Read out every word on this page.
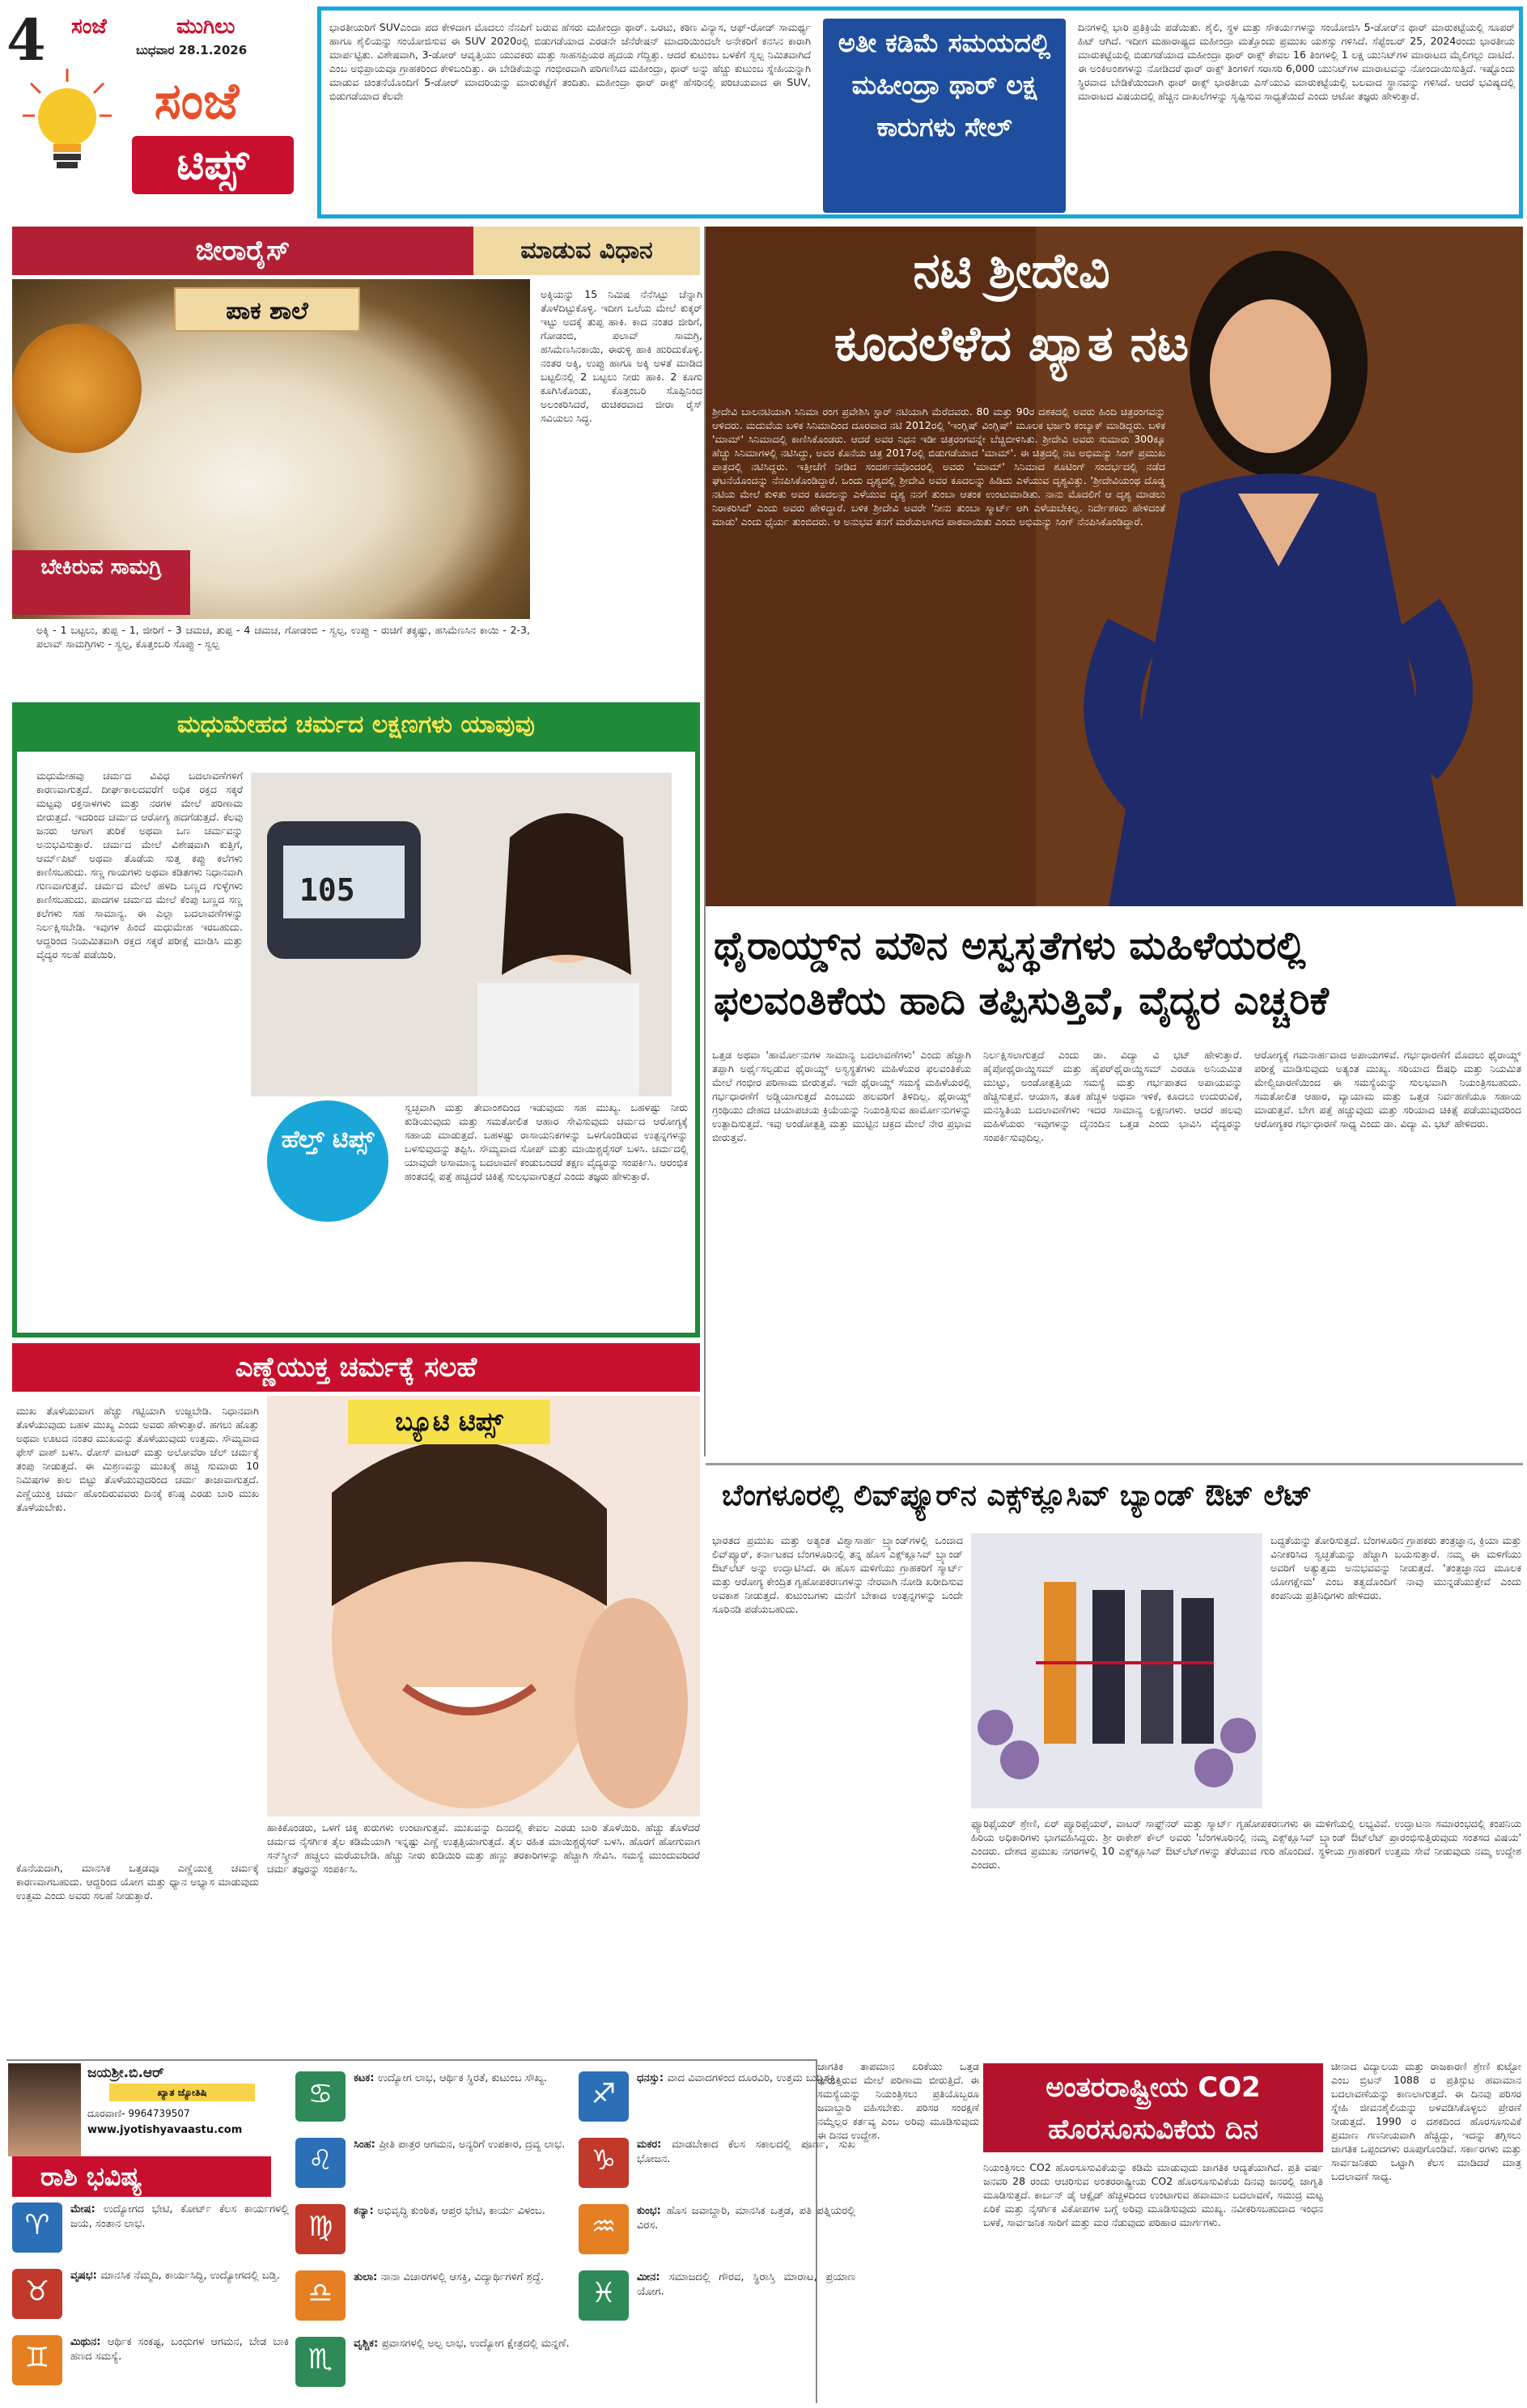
4 ಸಂಜೆ	ಮುಗಿಲು
ಬುಧವಾರ 28.1.2026
ಸಂಜೆ
ಟಿಪ್ಸ್
ಭಾರತೀಯರಿಗೆ SUVಎಂದಾ ಪದ ಕೇಳಿದಾಗ ಮೊದಲು ನೆನಪಿಗೆ ಬರುವ ಹೆಸರು ಮಹೀಂದ್ರಾ ಥಾರ್. ಒರಟು, ಕಠಿಣ ವಿನ್ಯಾಸ, ಆಫ್-ರೋಡ್ ಸಾಮರ್ಥ್ಯ ಹಾಗೂ ಶೈಲಿಯನ್ನು ಸಂಯೋಜಿಸುವ ಈ SUV 2020ರಲ್ಲಿ ಬಿಡುಗಡೆಯಾದ ಎರಡನೇ ಜೆನೆರೇಷನ್ ಮಾದರಿಯಿಂದಲೇ ಅನೇಕರಿಗೆ ಕನಸಿನ ಕಾರಾಗಿ ಮಾರ್ಪಟ್ಟಿತು. ವಿಶೇಷವಾಗಿ, 3-ಡೋರ್ ಆವೃತ್ತಿಯು ಯುವಕರು ಮತ್ತು ಸಾಹಸಪ್ರಿಯರ ಹೃದಯ ಗೆದ್ದಿತ್ತು. ಆದರೆ ಕುಟುಂಬ ಬಳಕೆಗೆ ಸ್ವಲ್ಪ ನಿಮಿತವಾಗಿದೆ ಎಂಬ ಅಭಿಪ್ರಾಯವೂ ಗ್ರಾಹಕರಿಂದ ಕೇಳಿಬಂದಿತ್ತು. ಈ ಬೇಡಿಕೆಯನ್ನು ಗಂಭೀರವಾಗಿ ಪರಿಗಣಿಸಿದ ಮಹೀಂದ್ರಾ, ಥಾರ್ ಅನ್ನು ಹೆಚ್ಚು ಕುಟುಂಬ ಸ್ನೇಹಿಯನ್ನಾಗಿ ಮಾಡುವ ಚಿಂತನೆಯೊಂದಿಗೆ 5-ಡೋರ್ ಮಾದರಿಯನ್ನು ಮಾರುಕಟ್ಟೆಗೆ ತಂದಿತು. ಮಹೀಂದ್ರಾ ಥಾರ್ ರಾಕ್ಸ್ ಹೆಸರಿನಲ್ಲಿ ಪರಿಚಯವಾದ ಈ SUV, ಬಿಡುಗಡೆಯಾದ ಕೆಲವೇ
ಅತೀ ಕಡಿಮೆ ಸಮಯದಲ್ಲಿ ಮಹೀಂದ್ರಾ ಥಾರ್ ಲಕ್ಷ ಕಾರುಗಳು ಸೇಲ್
ದಿನಗಳಲ್ಲಿ ಭಾರಿ ಪ್ರತಿಕ್ರಿಯೆ ಪಡೆಯಿತು. ಶೈಲಿ, ಸ್ಥಳ ಮತ್ತು ಸೌಕರ್ಯಗಳನ್ನು ಸಂಯೋಜಿಸಿ 5-ಡೋರ್‌ನ ಥಾರ್ ಮಾರುಕಟ್ಟೆಯಲ್ಲಿ ಸೂಪರ್ ಹಿಟ್ ಆಗಿದೆ. ಇದೀಗ ಮಹಾರಾಷ್ಟ್ರದ ಮಹೀಂದ್ರಾ ಮತ್ತೊಂದು ಪ್ರಮುಖ ಯಶಸ್ಸು ಗಳಿಸಿದೆ. ಸೆಪ್ಟೆಂಬರ್ 25, 2024ರಂದು ಭಾರತೀಯ ಮಾರುಕಟ್ಟೆಯಲ್ಲಿ ಬಿಡುಗಡೆಯಾದ ಮಹೀಂದ್ರಾ ಥಾರ್ ರಾಕ್ಸ್ ಕೇವಲ 16 ತಿಂಗಳಲ್ಲಿ 1 ಲಕ್ಷ ಯುನಿಟ್‌ಗಳ ಮಾರಾಟದ ಮೈಲಿಗಲ್ಲು ದಾಟಿದೆ. ಈ ಅಂಕಿಅಂಶಗಳನ್ನು ನೋಡಿದರೆ ಥಾರ್ ರಾಕ್ಸ್ ತಿಂಗಳಿಗೆ ಸರಾಸರಿ 6,000 ಯುನಿಟ್‌ಗಳ ಮಾರಾಟವನ್ನು ನೋಂದಾಯಿಸುತ್ತಿದೆ. ಇಷ್ಟೊಂದು ಸ್ಥಿರವಾದ ಬೇಡಿಕೆಯಿಂದಾಗಿ ಥಾರ್ ರಾಕ್ಸ್ ಭಾರತೀಯ ಎಸ್‌ಯುವಿ ಮಾರುಕಟ್ಟೆಯಲ್ಲಿ ಬಲವಾದ ಸ್ಥಾನವನ್ನು ಗಳಿಸಿದೆ. ಆದರೆ ಭವಿಷ್ಯದಲ್ಲಿ ಮಾರಾಟದ ವಿಷಯದಲ್ಲಿ ಹೆಚ್ಚಿನ ದಾಖಲೆಗಳನ್ನು ಸೃಷ್ಟಿಸುವ ಸಾಧ್ಯತೆಯಿದೆ ಎಂದು ಆಟೋ ತಜ್ಞರು ಹೇಳುತ್ತಾರೆ.
ಜೀರಾರೈಸ್	ಮಾಡುವ ವಿಧಾನ
ಪಾಕ ಶಾಲೆ
ಬೇಕಿರುವ ಸಾಮಗ್ರಿ
ಅಕ್ಕಿಯನ್ನು 15 ನಿಮಿಷ ನೆನೆಸಿಟ್ಟು ಚೆನ್ನಾಗಿ ತೊಳೆದಿಟ್ಟುಕೊಳ್ಳಿ. ಇದೀಗ ಒಲೆಯ ಮೇಲೆ ಕುಕ್ಕರ್ ಇಟ್ಟು ಅದಕ್ಕೆ ತುಪ್ಪ ಹಾಕಿ. ಕಾದ ನಂತರ ಜೀರಿಗೆ, ಗೋಡಂಬಿ, ಪಲಾವ್ ಸಾಮಗ್ರಿ, ಹಸಿಮೆಣಸಿನಕಾಯಿ, ಈರುಳ್ಳಿ ಹಾಕಿ ಹುರಿದುಕೊಳ್ಳಿ. ನಂತರ ಅಕ್ಕಿ, ಉಪ್ಪು ಹಾಗೂ ಅಕ್ಕಿ ಅಳತೆ ಮಾಡಿದ ಬಟ್ಟಲಿನಲ್ಲಿ 2 ಬಟ್ಟಲು ನೀರು ಹಾಕಿ. 2 ಕೂಗು ಕೂಗಿಸಿಕೊಂಡು, ಕೊತ್ತಂಬರಿ ಸೊಪ್ಪಿನಿಂದ ಅಲಂಕರಿಸಿದರೆ, ರುಚಿಕರವಾದ ಜೀರಾ ರೈಸ್ ಸವಿಯಲು ಸಿದ್ಧ.
ಅಕ್ಕಿ - 1 ಬಟ್ಟಲು, ತುಪ್ಪ - 1, ಜೀರಿಗೆ - 3 ಚಮಚ, ತುಪ್ಪ - 4 ಚಮಚ, ಗೋಡಂಬಿ - ಸ್ವಲ್ಪ, ಉಪ್ಪು - ರುಚಿಗೆ ತಕ್ಕಷ್ಟು, ಹಸಿಮೆಣಸಿನ ಕಾಯಿ - 2-3, ಪಲಾವ್ ಸಾಮಗ್ರಿಗಳು - ಸ್ವಲ್ಪ, ಕೊತ್ತಂಬರಿ ಸೊಪ್ಪು - ಸ್ವಲ್ಪ
ನಟಿ ಶ್ರೀದೇವಿ
ಕೂದಲೆಳೆದ ಖ್ಯಾತ ನಟ
ಶ್ರೀದೇವಿ ಬಾಲನಟಿಯಾಗಿ ಸಿನಿಮಾ ರಂಗ ಪ್ರವೇಶಿಸಿ ಸ್ಟಾರ್ ನಟಿಯಾಗಿ ಮೆರೆದವರು. 80 ಮತ್ತು 90ರ ದಶಕದಲ್ಲಿ ಅವರು ಹಿಂದಿ ಚಿತ್ರರಂಗವನ್ನು ಆಳಿದರು. ಮದುವೆಯ ಬಳಿಕ ಸಿನಿಮಾದಿಂದ ದೂರವಾದ ನಟಿ 2012ರಲ್ಲಿ 'ಇಂಗ್ಲಿಷ್ ವಿಂಗ್ಲಿಷ್' ಮೂಲಕ ಭರ್ಜರಿ ಕಂಬ್ಯಾಕ್ ಮಾಡಿದ್ದರು. ಬಳಿಕ 'ಮಾಮ್' ಸಿನಿಮಾದಲ್ಲಿ ಕಾಣಿಸಿಕೊಂಡರು. ಆದರೆ ಅವರ ನಿಧನ ಇಡೀ ಚಿತ್ರರಂಗವನ್ನೇ ಬೆಚ್ಚಿಬೀಳಿಸಿತು. ಶ್ರೀದೇವಿ ಅವರು ಸುಮಾರು 300ಕ್ಕೂ ಹೆಚ್ಚು ಸಿನಿಮಾಗಳಲ್ಲಿ ನಟಿಸಿದ್ದು, ಅವರ ಕೊನೆಯ ಚಿತ್ರ 2017ರಲ್ಲಿ ಬಿಡುಗಡೆಯಾದ 'ಮಾಮ್'. ಈ ಚಿತ್ರದಲ್ಲಿ ನಟ ಅಭಿಮನ್ಯು ಸಿಂಗ್ ಪ್ರಮುಖ ಪಾತ್ರದಲ್ಲಿ ನಟಿಸಿದ್ದರು. ಇತ್ತೀಚೆಗೆ ನೀಡಿದ ಸಂದರ್ಶನವೊಂದರಲ್ಲಿ ಅವರು 'ಮಾಮ್' ಸಿನಿಮಾದ ಶೂಟಿಂಗ್ ಸಂದರ್ಭದಲ್ಲಿ ನಡೆದ ಘಟನೆಯೊಂದನ್ನು ನೆನಪಿಸಿಕೊಂಡಿದ್ದಾರೆ. ಒಂದು ದೃಶ್ಯದಲ್ಲಿ ಶ್ರೀದೇವಿ ಅವರ ಕೂದಲನ್ನು ಹಿಡಿದು ಎಳೆಯುವ ದೃಶ್ಯವಿತ್ತು. 'ಶ್ರೀದೇವಿಯಂಥ ದೊಡ್ಡ ನಟಿಯ ಮೇಲೆ ಕುಳಿತು ಅವರ ಕೂದಲನ್ನು ಎಳೆಯುವ ದೃಶ್ಯ ನನಗೆ ತುಂಬಾ ಆತಂಕ ಉಂಟುಮಾಡಿತು. ನಾನು ಮೊದಲಿಗೆ ಆ ದೃಶ್ಯ ಮಾಡಲು ನಿರಾಕರಿಸಿದೆ' ಎಂದು ಅವರು ಹೇಳಿದ್ದಾರೆ. ಬಳಿಕ ಶ್ರೀದೇವಿ ಅವರೇ 'ನೀನು ತುಂಬಾ ಸ್ಮಾರ್ಟ್ ಆಗಿ ಎಳೆಯಬೇಕಿಲ್ಲ. ನಿರ್ದೇಶಕರು ಹೇಳಿದಂತೆ ಮಾಡು' ಎಂದು ಧೈರ್ಯ ತುಂಬಿದರು. ಆ ಅನುಭವ ತನಗೆ ಮರೆಯಲಾಗದ ಪಾಠವಾಯಿತು ಎಂದು ಅಭಿಮನ್ಯು ಸಿಂಗ್ ನೆನಪಿಸಿಕೊಂಡಿದ್ದಾರೆ.
ಮಧುಮೇಹದ ಚರ್ಮದ ಲಕ್ಷಣಗಳು ಯಾವುವು
ಮಧುಮೇಹವು ಚರ್ಮದ ವಿವಿಧ ಬದಲಾವಣೆಗಳಿಗೆ ಕಾರಣವಾಗುತ್ತದೆ. ದೀರ್ಘಕಾಲದವರೆಗೆ ಅಧಿಕ ರಕ್ತದ ಸಕ್ಕರೆ ಮಟ್ಟವು ರಕ್ತನಾಳಗಳು ಮತ್ತು ನರಗಳ ಮೇಲೆ ಪರಿಣಾಮ ಬೀರುತ್ತದೆ. ಇದರಿಂದ ಚರ್ಮದ ಆರೋಗ್ಯ ಹದಗೆಡುತ್ತದೆ. ಕೆಲವು ಜನರು ಆಗಾಗ ತುರಿಕೆ ಅಥವಾ ಒಣ ಚರ್ಮವನ್ನು ಅನುಭವಿಸುತ್ತಾರೆ. ಚರ್ಮದ ಮೇಲೆ ವಿಶೇಷವಾಗಿ ಕುತ್ತಿಗೆ, ಆರ್ಮ್‌ಪಿಟ್ ಅಥವಾ ತೊಡೆಯ ಸುತ್ತ ಕಪ್ಪು ಕಲೆಗಳು ಕಾಣಿಸಬಹುದು. ಸಣ್ಣ ಗಾಯಗಳು ಅಥವಾ ಕಡಿತಗಳು ನಿಧಾನವಾಗಿ ಗುಣವಾಗುತ್ತವೆ. ಚರ್ಮದ ಮೇಲೆ ಹಳದಿ ಬಣ್ಣದ ಗುಳ್ಳೆಗಳು ಕಾಣಿಸಬಹುದು. ಪಾದಗಳ ಚರ್ಮದ ಮೇಲೆ ಕೆಂಪು ಬಣ್ಣದ ಸಣ್ಣ ಕಲೆಗಳು ಸಹ ಸಾಮಾನ್ಯ. ಈ ಎಲ್ಲಾ ಬದಲಾವಣೆಗಳನ್ನು ನಿರ್ಲಕ್ಷಿಸಬೇಡಿ. ಇವುಗಳ ಹಿಂದೆ ಮಧುಮೇಹ ಇರಬಹುದು. ಆದ್ದರಿಂದ ನಿಯಮಿತವಾಗಿ ರಕ್ತದ ಸಕ್ಕರೆ ಪರೀಕ್ಷೆ ಮಾಡಿಸಿ ಮತ್ತು ವೈದ್ಯರ ಸಲಹೆ ಪಡೆಯಿರಿ.
105
ಹೆಲ್ತ್ ಟಿಪ್ಸ್
ಸ್ವಚ್ಛವಾಗಿ ಮತ್ತು ತೇವಾಂಶದಿಂದ ಇಡುವುದು ಸಹ ಮುಖ್ಯ. ಬಹಳಷ್ಟು ನೀರು ಕುಡಿಯುವುದು ಮತ್ತು ಸಮತೋಲಿತ ಆಹಾರ ಸೇವಿಸುವುದು ಚರ್ಮದ ಆರೋಗ್ಯಕ್ಕೆ ಸಹಾಯ ಮಾಡುತ್ತದೆ. ಬಹಳಷ್ಟು ರಾಸಾಯನಿಕಗಳನ್ನು ಒಳಗೊಂಡಿರುವ ಉತ್ಪನ್ನಗಳನ್ನು ಬಳಸುವುದನ್ನು ತಪ್ಪಿಸಿ. ಸೌಮ್ಯವಾದ ಸೋಪ್ ಮತ್ತು ಮಾಯಿಶ್ಚರೈಸರ್ ಬಳಸಿ. ಚರ್ಮದಲ್ಲಿ ಯಾವುದೇ ಅಸಾಮಾನ್ಯ ಬದಲಾವಣೆ ಕಂಡುಬಂದರೆ ತಕ್ಷಣ ವೈದ್ಯರನ್ನು ಸಂಪರ್ಕಿಸಿ. ಆರಂಭಿಕ ಹಂತದಲ್ಲಿ ಪತ್ತೆ ಹಚ್ಚಿದರೆ ಚಿಕಿತ್ಸೆ ಸುಲಭವಾಗುತ್ತದೆ ಎಂದು ತಜ್ಞರು ಹೇಳುತ್ತಾರೆ.
ಥೈರಾಯ್ಡ್‌ನ ಮೌನ ಅಸ್ವಸ್ಥತೆಗಳು ಮಹಿಳೆಯರಲ್ಲಿ
ಫಲವಂತಿಕೆಯ ಹಾದಿ ತಪ್ಪಿಸುತ್ತಿವೆ, ವೈದ್ಯರ ಎಚ್ಚರಿಕೆ
ಒತ್ತಡ ಅಥವಾ 'ಹಾರ್ಮೋನುಗಳ ಸಾಮಾನ್ಯ ಬದಲಾವಣೆಗಳು' ಎಂದು ಹೆಚ್ಚಾಗಿ ತಪ್ಪಾಗಿ ಅರ್ಥೈಸಲ್ಪಡುವ ಥೈರಾಯ್ಡ್ ಅಸ್ವಸ್ಥತೆಗಳು ಮಹಿಳೆಯರ ಫಲವಂತಿಕೆಯ ಮೇಲೆ ಗಂಭೀರ ಪರಿಣಾಮ ಬೀರುತ್ತವೆ. ಇದೇ ಥೈರಾಯ್ಡ್ ಸಮಸ್ಯೆ ಮಹಿಳೆಯರಲ್ಲಿ ಗರ್ಭಧಾರಣೆಗೆ ಅಡ್ಡಿಯಾಗುತ್ತದೆ ಎಂಬುದು ಹಲವರಿಗೆ ತಿಳಿದಿಲ್ಲ. ಥೈರಾಯ್ಡ್ ಗ್ರಂಥಿಯು ದೇಹದ ಚಯಾಪಚಯ ಕ್ರಿಯೆಯನ್ನು ನಿಯಂತ್ರಿಸುವ ಹಾರ್ಮೋನುಗಳನ್ನು ಉತ್ಪಾದಿಸುತ್ತದೆ. ಇವು ಅಂಡೋತ್ಪತ್ತಿ ಮತ್ತು ಮುಟ್ಟಿನ ಚಕ್ರದ ಮೇಲೆ ನೇರ ಪ್ರಭಾವ ಬೀರುತ್ತವೆ.
ನಿರ್ಲಕ್ಷಿಸಲಾಗುತ್ತದೆ ಎಂದು ಡಾ. ವಿದ್ಯಾ ವಿ ಭಟ್ ಹೇಳುತ್ತಾರೆ. ಹೈಪೋಥೈರಾಯ್ಡಿಸಮ್ ಮತ್ತು ಹೈಪರ್‌ಥೈರಾಯ್ಡಿಸಮ್ ಎರಡೂ ಅನಿಯಮಿತ ಮುಟ್ಟು, ಅಂಡೋತ್ಪತ್ತಿಯ ಸಮಸ್ಯೆ ಮತ್ತು ಗರ್ಭಪಾತದ ಅಪಾಯವನ್ನು ಹೆಚ್ಚಿಸುತ್ತವೆ. ಆಯಾಸ, ತೂಕ ಹೆಚ್ಚಳ ಅಥವಾ ಇಳಿಕೆ, ಕೂದಲು ಉದುರುವಿಕೆ, ಮನಸ್ಥಿತಿಯ ಬದಲಾವಣೆಗಳು ಇದರ ಸಾಮಾನ್ಯ ಲಕ್ಷಣಗಳು. ಆದರೆ ಹಲವು ಮಹಿಳೆಯರು ಇವುಗಳನ್ನು ದೈನಂದಿನ ಒತ್ತಡ ಎಂದು ಭಾವಿಸಿ ವೈದ್ಯರನ್ನು ಸಂಪರ್ಕಿಸುವುದಿಲ್ಲ.
ಆರೋಗ್ಯಕ್ಕೆ ಗಮನಾರ್ಹವಾದ ಅಪಾಯಗಳಿವೆ. ಗರ್ಭಧಾರಣೆಗೆ ಮೊದಲು ಥೈರಾಯ್ಡ್ ಪರೀಕ್ಷೆ ಮಾಡಿಸುವುದು ಅತ್ಯಂತ ಮುಖ್ಯ. ಸರಿಯಾದ ಔಷಧಿ ಮತ್ತು ನಿಯಮಿತ ಮೇಲ್ವಿಚಾರಣೆಯಿಂದ ಈ ಸಮಸ್ಯೆಯನ್ನು ಸುಲಭವಾಗಿ ನಿಯಂತ್ರಿಸಬಹುದು. ಸಮತೋಲಿತ ಆಹಾರ, ವ್ಯಾಯಾಮ ಮತ್ತು ಒತ್ತಡ ನಿರ್ವಹಣೆಯೂ ಸಹಾಯ ಮಾಡುತ್ತವೆ. ಬೇಗ ಪತ್ತೆ ಹಚ್ಚುವುದು ಮತ್ತು ಸರಿಯಾದ ಚಿಕಿತ್ಸೆ ಪಡೆಯುವುದರಿಂದ ಆರೋಗ್ಯಕರ ಗರ್ಭಧಾರಣೆ ಸಾಧ್ಯ ಎಂದು ಡಾ. ವಿದ್ಯಾ ವಿ. ಭಟ್ ಹೇಳಿದರು.
ಎಣ್ಣೆಯುಕ್ತ ಚರ್ಮಕ್ಕೆ ಸಲಹೆ
ಮುಖ ತೊಳೆಯುವಾಗ ಹೆಚ್ಚು ಗಟ್ಟಿಯಾಗಿ ಉಜ್ಜಬೇಡಿ. ನಿಧಾನವಾಗಿ ತೊಳೆಯುವುದು ಬಹಳ ಮುಖ್ಯ ಎಂದು ಅವರು ಹೇಳುತ್ತಾರೆ. ಹಗಲು ಹೊತ್ತು ಅಥವಾ ಊಟದ ನಂತರ ಮುಖವನ್ನು ತೊಳೆಯುವುದು ಉತ್ತಮ. ಸೌಮ್ಯವಾದ ಫೇಸ್ ವಾಶ್ ಬಳಸಿ. ರೋಸ್ ವಾಟರ್ ಮತ್ತು ಅಲೋವೆರಾ ಜೆಲ್ ಚರ್ಮಕ್ಕೆ ತಂಪು ನೀಡುತ್ತದೆ. ಈ ಮಿಶ್ರಣವನ್ನು ಮುಖಕ್ಕೆ ಹಚ್ಚಿ ಸುಮಾರು 10 ನಿಮಿಷಗಳ ಕಾಲ ಬಿಟ್ಟು ತೊಳೆಯುವುದರಿಂದ ಚರ್ಮ ತಾಜಾವಾಗುತ್ತದೆ. ಎಣ್ಣೆಯುಕ್ತ ಚರ್ಮ ಹೊಂದಿರುವವರು ದಿನಕ್ಕೆ ಕನಿಷ್ಠ ಎರಡು ಬಾರಿ ಮುಖ ತೊಳೆಯಬೇಕು.
ಬ್ಯೂಟಿ ಟಿಪ್ಸ್
ಹಾಕಿಕೊಂಡರು, ಒಳಗೆ ಚಿಕ್ಕ ಕುರುಗಳು ಉಂಟಾಗುತ್ತವೆ. ಮುಖವನ್ನು ದಿನದಲ್ಲಿ ಕೇವಲ ಎರಡು ಬಾರಿ ತೊಳೆಯಿರಿ. ಹೆಚ್ಚು ತೊಳೆದರೆ ಚರ್ಮದ ನೈಸರ್ಗಿಕ ತೈಲ ಕಡಿಮೆಯಾಗಿ ಇನ್ನಷ್ಟು ಎಣ್ಣೆ ಉತ್ಪತ್ತಿಯಾಗುತ್ತದೆ. ತೈಲ ರಹಿತ ಮಾಯಿಶ್ಚರೈಸರ್ ಬಳಸಿ. ಹೊರಗೆ ಹೋಗುವಾಗ ಸನ್‌ಸ್ಕ್ರೀನ್ ಹಚ್ಚಲು ಮರೆಯಬೇಡಿ. ಹೆಚ್ಚು ನೀರು ಕುಡಿಯಿರಿ ಮತ್ತು ಹಣ್ಣು ತರಕಾರಿಗಳನ್ನು ಹೆಚ್ಚಾಗಿ ಸೇವಿಸಿ. ಸಮಸ್ಯೆ ಮುಂದುವರಿದರೆ ಚರ್ಮ ತಜ್ಞರನ್ನು ಸಂಪರ್ಕಿಸಿ.
ಕೊನೆಯದಾಗಿ, ಮಾನಸಿಕ ಒತ್ತಡವೂ ಎಣ್ಣೆಯುಕ್ತ ಚರ್ಮಕ್ಕೆ ಕಾರಣವಾಗಬಹುದು. ಆದ್ದರಿಂದ ಯೋಗ ಮತ್ತು ಧ್ಯಾನ ಅಭ್ಯಾಸ ಮಾಡುವುದು ಉತ್ತಮ ಎಂದು ಅವರು ಸಲಹೆ ನೀಡುತ್ತಾರೆ.
ಬೆಂಗಳೂರಲ್ಲಿ ಲಿವ್‌ಪ್ಯೂರ್‌ನ ಎಕ್ಸ್‌ಕ್ಲೂಸಿವ್ ಬ್ಯಾಂಡ್ ಔಟ್ ಲೆಟ್
ಭಾರತದ ಪ್ರಮುಖ ಮತ್ತು ಅತ್ಯಂತ ವಿಶ್ವಾಸಾರ್ಹ ಬ್ರ್ಯಾಂಡ್‌ಗಳಲ್ಲಿ ಒಂದಾದ ಲಿವ್‌ಪ್ಯೂರ್, ಕರ್ನಾಟಕದ ಬೆಂಗಳೂರಿನಲ್ಲಿ ತನ್ನ ಹೊಸ ಎಕ್ಸ್‌ಕ್ಲೂಸಿವ್ ಬ್ರ್ಯಾಂಡ್ ಔಟ್‌ಲೆಟ್ ಅನ್ನು ಉದ್ಘಾಟಿಸಿದೆ. ಈ ಹೊಸ ಮಳಿಗೆಯು ಗ್ರಾಹಕರಿಗೆ ಸ್ಮಾರ್ಟ್ ಮತ್ತು ಆರೋಗ್ಯ ಕೇಂದ್ರಿತ ಗೃಹೋಪಕರಣಗಳನ್ನು ನೇರವಾಗಿ ನೋಡಿ ಖರೀದಿಸುವ ಅವಕಾಶ ನೀಡುತ್ತದೆ. ಕುಟುಂಬಗಳು ಮನೆಗೆ ಬೇಕಾದ ಉತ್ಪನ್ನಗಳನ್ನು ಒಂದೇ ಸೂರಿನಡಿ ಪಡೆಯಬಹುದು.
ಬದ್ಧತೆಯನ್ನು ತೋರಿಸುತ್ತದೆ. ಬೆಂಗಳೂರಿನ ಗ್ರಾಹಕರು ತಂತ್ರಜ್ಞಾನ, ಕ್ರಿಯಾ ಮತ್ತು ವಿನೀಕರಿಸಿದ ಸ್ವಚ್ಛತೆಯನ್ನು ಹೆಚ್ಚಾಗಿ ಬಯಸುತ್ತಾರೆ. ನಮ್ಮ ಈ ಮಳಿಗೆಯು ಅವರಿಗೆ ಅತ್ಯುತ್ತಮ ಅನುಭವವನ್ನು ನೀಡುತ್ತದೆ. 'ತಂತ್ರಜ್ಞಾನದ ಮೂಲಕ ಯೋಗಕ್ಷೇಮ' ಎಂಬ ತತ್ವದೊಂದಿಗೆ ನಾವು ಮುನ್ನಡೆಯುತ್ತೇವೆ ಎಂದು ಕಂಪನಿಯ ಪ್ರತಿನಿಧಿಗಳು ಹೇಳಿದರು.
ಫ್ಯೂರಿಫೈಯರ್ ಶ್ರೇಣಿ, ಏರ್ ಪ್ಯೂರಿಫೈಯರ್, ವಾಟರ್ ಸಾಫ್ಟ್‌ನರ್ ಮತ್ತು ಸ್ಮಾರ್ಟ್ ಗೃಹೋಪಕರಣಗಳು ಈ ಮಳಿಗೆಯಲ್ಲಿ ಲಭ್ಯವಿವೆ. ಉದ್ಘಾಟನಾ ಸಮಾರಂಭದಲ್ಲಿ ಕಂಪನಿಯ ಹಿರಿಯ ಅಧಿಕಾರಿಗಳು ಭಾಗವಹಿಸಿದ್ದರು. ಶ್ರೀ ರಾಕೇಶ್ ಕೌಲ್ ಅವರು 'ಬೆಂಗಳೂರಿನಲ್ಲಿ ನಮ್ಮ ಎಕ್ಸ್‌ಕ್ಲೂಸಿವ್ ಬ್ರ್ಯಾಂಡ್ ಔಟ್‌ಲೆಟ್ ಪ್ರಾರಂಭಿಸುತ್ತಿರುವುದು ಸಂತಸದ ವಿಷಯ' ಎಂದರು. ದೇಶದ ಪ್ರಮುಖ ನಗರಗಳಲ್ಲಿ 10 ಎಕ್ಸ್‌ಕ್ಲೂಸಿವ್ ಔಟ್‌ಲೆಟ್‌ಗಳನ್ನು ತೆರೆಯುವ ಗುರಿ ಹೊಂದಿದೆ. ಸ್ಥಳೀಯ ಗ್ರಾಹಕರಿಗೆ ಉತ್ತಮ ಸೇವೆ ನೀಡುವುದು ನಮ್ಮ ಉದ್ದೇಶ ಎಂದರು.
ಜಯಶ್ರೀ.ಬಿ.ಆರ್
ಖ್ಯಾತ ಜ್ಯೋತಿಷಿ
ದೂರವಾಣಿ- 9964739507
www.jyotishyavaastu.com
ರಾಶಿ ಭವಿಷ್ಯ
ಜಾಗತಿಕ ತಾಪಮಾನ ಏರಿಕೆಯು ಒತ್ತಡ ಬೀರುತ್ತಿರುವ ಮೇಲೆ ಪರಿಣಾಮ ಬೀರುತ್ತಿದೆ. ಈ ಸಮಸ್ಯೆಯನ್ನು ನಿಯಂತ್ರಿಸಲು ಪ್ರತಿಯೊಬ್ಬರೂ ಜವಾಬ್ದಾರಿ ವಹಿಸಬೇಕು. ಪರಿಸರ ಸಂರಕ್ಷಣೆ ನಮ್ಮೆಲ್ಲರ ಕರ್ತವ್ಯ ಎಂಬ ಅರಿವು ಮೂಡಿಸುವುದು ಈ ದಿನದ ಉದ್ದೇಶ.
ಅಂತರರಾಷ್ಟ್ರೀಯ CO2 ಹೊರಸೂಸುವಿಕೆಯ ದಿನ
ನಿಯಂತ್ರಿಸಲು CO2 ಹೊರಸೂಸುವಿಕೆಯನ್ನು ಕಡಿಮೆ ಮಾಡುವುದು ಜಾಗತಿಕ ಆದ್ಯತೆಯಾಗಿದೆ. ಪ್ರತಿ ವರ್ಷ ಜನವರಿ 28 ರಂದು ಆಚರಿಸುವ ಅಂತರರಾಷ್ಟ್ರೀಯ CO2 ಹೊರಸೂಸುವಿಕೆಯ ದಿನವು ಜನರಲ್ಲಿ ಜಾಗೃತಿ ಮೂಡಿಸುತ್ತದೆ. ಕಾರ್ಬನ್ ಡೈ ಆಕ್ಸೈಡ್ ಹೆಚ್ಚಳದಿಂದ ಉಂಟಾಗುವ ಹವಾಮಾನ ಬದಲಾವಣೆ, ಸಮುದ್ರ ಮಟ್ಟ ಏರಿಕೆ ಮತ್ತು ನೈಸರ್ಗಿಕ ವಿಕೋಪಗಳ ಬಗ್ಗೆ ಅರಿವು ಮೂಡಿಸುವುದು ಮುಖ್ಯ. ನವೀಕರಿಸಬಹುದಾದ ಇಂಧನ ಬಳಕೆ, ಸಾರ್ವಜನಿಕ ಸಾರಿಗೆ ಮತ್ತು ಮರ ನೆಡುವುದು ಪರಿಹಾರ ಮಾರ್ಗಗಳು.
ಚೀನಾದ ವಿದ್ಯಾಲಯ ಮತ್ತು ರಾಜಕಾರಣಿ ಶ್ರೇಣಿ ಕುಟ್ಟೋ ಎಂಬ ಬ್ರಿಟನ್ 1088 ರ ಪ್ರತಿಸ್ಫುಟ ಹವಾಮಾನ ಬದಲಾವಣೆಯನ್ನು ಕಾಣಲಾಗುತ್ತದೆ. ಈ ದಿನವು ಪರಿಸರ ಸ್ನೇಹಿ ಜೀವನಶೈಲಿಯನ್ನು ಅಳವಡಿಸಿಕೊಳ್ಳಲು ಪ್ರೇರಣೆ ನೀಡುತ್ತದೆ. 1990 ರ ದಶಕದಿಂದ ಹೊರಸೂಸುವಿಕೆ ಪ್ರಮಾಣ ಗಣನೀಯವಾಗಿ ಹೆಚ್ಚಿದ್ದು, ಇದನ್ನು ತಗ್ಗಿಸಲು ಜಾಗತಿಕ ಒಪ್ಪಂದಗಳು ರೂಪುಗೊಂಡಿವೆ. ಸರ್ಕಾರಗಳು ಮತ್ತು ಸಾರ್ವಜನಿಕರು ಒಟ್ಟಾಗಿ ಕೆಲಸ ಮಾಡಿದರೆ ಮಾತ್ರ ಬದಲಾವಣೆ ಸಾಧ್ಯ.
♈	ಮೇಷ: ಉದ್ಯೋಗದ ಭೇಟಿ, ಕೋರ್ಟ್ ಕೆಲಸ ಕಾರ್ಯಗಳಲ್ಲಿ ಜಯ, ಸಂತಾನ ಲಾಭ.
♉	ವೃಷಭ: ಮಾನಸಿಕ ನೆಮ್ಮದಿ, ಕಾರ್ಯಸಿದ್ಧಿ, ಉದ್ಯೋಗದಲ್ಲಿ ಬಡ್ತಿ.
♊	ಮಿಥುನ: ಆರ್ಥಿಕ ಸಂಕಷ್ಟ, ಬಂಧುಗಳ ಆಗಮನ, ಬೇಡ ಬಾಕಿ ಹಣದ ಸಮಸ್ಯೆ.
♋	ಕಟಕ: ಉದ್ಯೋಗ ಲಾಭ, ಆರ್ಥಿಕ ಸ್ಥಿರತೆ, ಕುಟುಂಬ ಸೌಖ್ಯ.
♌	ಸಿಂಹ: ಪ್ರೀತಿ ಪಾತ್ರರ ಆಗಮನ, ಅನ್ಯರಿಗೆ ಉಪಕಾರ, ದ್ರವ್ಯ ಲಾಭ.
♍	ಕನ್ಯಾ: ಅಭಿವೃದ್ಧಿ ಕುಂಠಿತ, ಆಪ್ತರ ಭೇಟಿ, ಕಾರ್ಯ ವಿಳಂಬ.
♎	ತುಲಾ: ನಾನಾ ವಿಚಾರಗಳಲ್ಲಿ ಆಸಕ್ತಿ, ವಿದ್ಯಾರ್ಥಿಗಳಿಗೆ ಶ್ರದ್ಧೆ.
♏	ವೃಶ್ಚಿಕ: ಪ್ರವಾಸಗಳಲ್ಲಿ ಅಲ್ಪ ಲಾಭ, ಉದ್ಯೋಗ ಕ್ಷೇತ್ರದಲ್ಲಿ ಮನ್ನಣೆ.
♐	ಧನಸ್ಸು: ವಾದ ವಿವಾದಗಳಿಂದ ದೂರವಿರಿ, ಉತ್ತಮ ಬುದ್ಧಿಶಕ್ತಿ.
♑	ಮಕರ: ಮಾಡಬೇಕಾದ ಕೆಲಸ ಸಕಾಲದಲ್ಲಿ ಪೂರ್ಣ, ಸುಖ ಭೋಜನ.
♒	ಕುಂಭ: ಹೊಸ ಜವಾಬ್ದಾರಿ, ಮಾನಸಿಕ ಒತ್ತಡ, ಪತಿ ಪತ್ನಿಯರಲ್ಲಿ ವಿರಸ.
♓	ಮೀನ: ಸಮಾಜದಲ್ಲಿ ಗೌರವ, ಸ್ಥಿರಾಸ್ತಿ ಮಾರಾಟ, ಪ್ರಯಾಣ ಯೋಗ.
